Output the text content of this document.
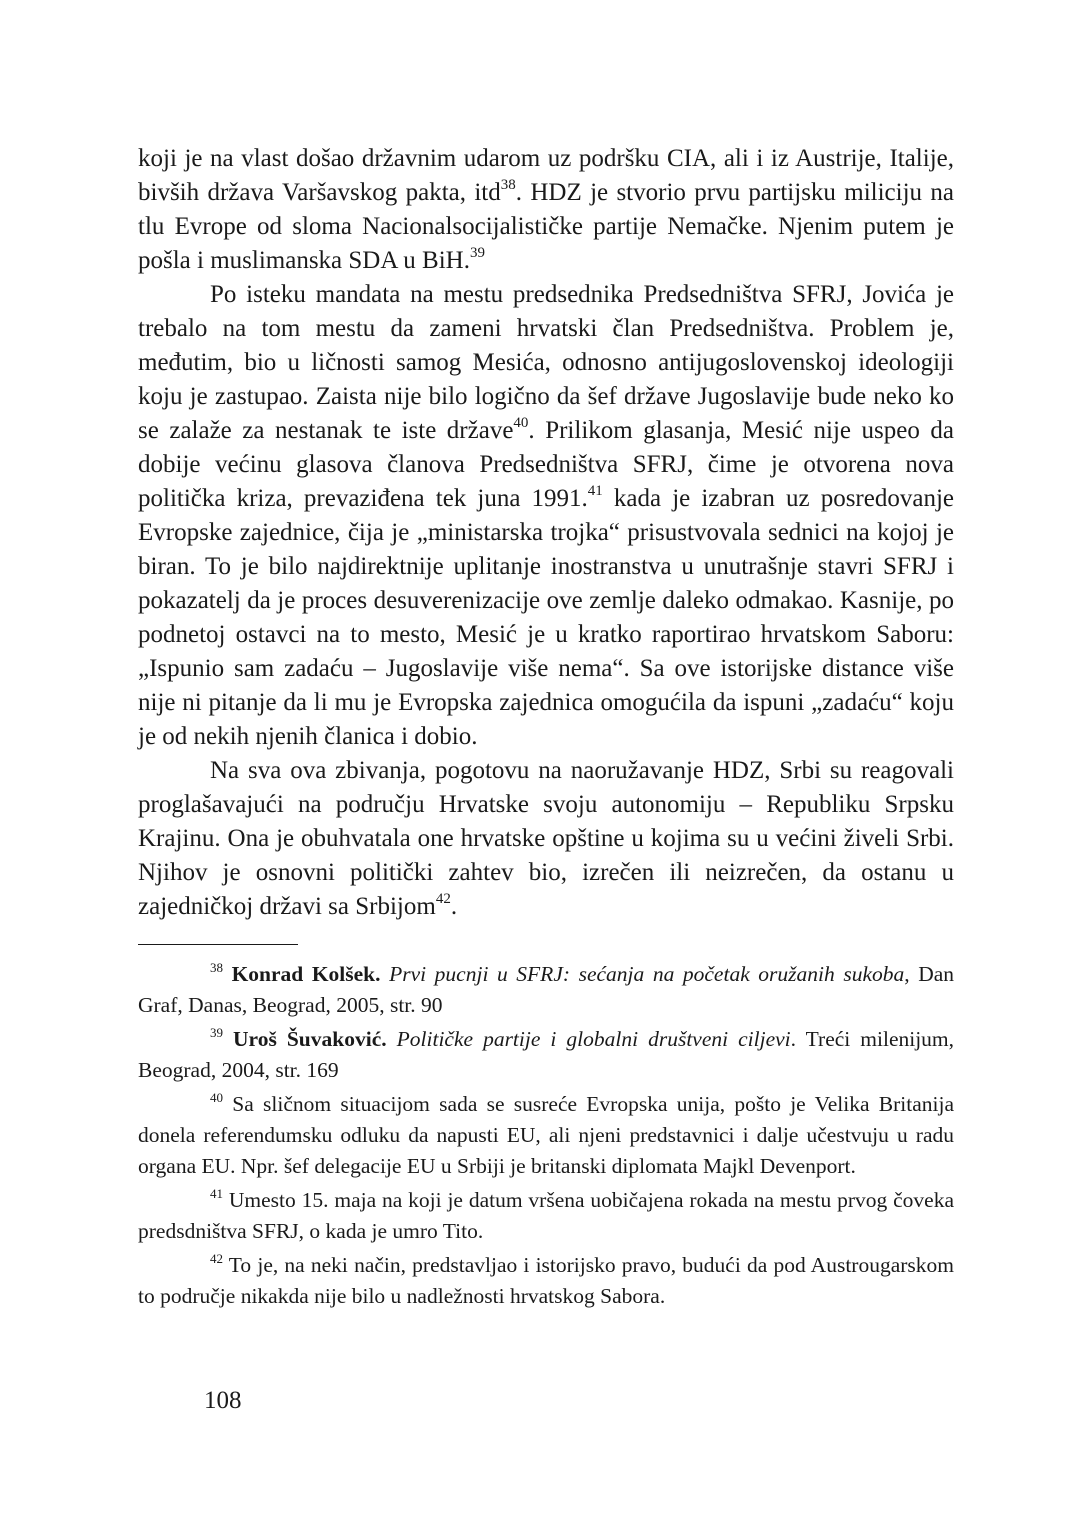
koji je na vlast došao državnim udarom uz podršku CIA, ali i iz Austrije, Italije, bivših država Varšavskog pakta, itd$^{38}$. HDZ je stvorio prvu partijsku miliciju na tlu Evrope od sloma Nacionalsocijalističke partije Nemačke. Njenim putem je pošla i muslimanska SDA u BiH.$^{39}$

Po isteku mandata na mestu predsednika Predsedništva SFRJ, Jovića je trebalo na tom mestu da zameni hrvatski član Predsedništva. Problem je, međutim, bio u ličnosti samog Mesića, odnosno antijugoslovenskoj ideologiji koju je zastupao. Zaista nije bilo logično da šef države Jugoslavije bude neko ko se zalaže za nestanak te iste države$^{40}$. Prilikom glasanja, Mesić nije uspeo da dobije većinu glasova članova Predsedništva SFRJ, čime je otvorena nova politička kriza, prevaziđena tek juna 1991.41 kada je izabran uz posredovanje Evropske zajednice, čija je „ministarska trojka“ prisustvovala sednici na kojoj je biran. To je bilo najdirektnije uplitanje inostranstva u unutrašnje stavri SFRJ i pokazatelj da je proces desuverenizacije ove zemlje daleko odmakao. Kasnije, po podnetoj ostavci na to mesto, Mesić je u kratko raportirao hrvatskom Saboru: „Ispunio sam zadaću – Jugoslavije više nema“. Sa ove istorijske distance više nije ni pitanje da li mu je Evropska zajednica omogućila da ispuni „zadaću“ koju je od nekih njenih članica i dobio.

Na sva ova zbivanja, pogotovu na naoružavanje HDZ, Srbi su reagovali proglašavajući na području Hrvatske svoju autonomiju – Republiku Srpsku Krajinu. Ona je obuhvatala one hrvatske opštine u kojima su u većini živeli Srbi. Njihov je osnovni politički zahtev bio, izrečen ili neizrečen, da ostanu u zajedničkoj državi sa Srbijom$^{42}$.

$^{38}$ Konrad Kolšek. Prvi pucnji u SFRJ: sećanja na početak oružanih sukoba, Dan Graf, Danas, Beograd, 2005, str. 90

$^{39}$ Uroš Šuvaković. Političke partije i globalni društveni ciljevi. Treći milenijum, Beograd, 2004, str. 169

$^{40}$ Sa sličnom situacijom sada se susreće Evropska unija, pošto je Velika Britanija donela referendumsku odluku da napusti EU, ali njeni predstavnici i dalje učestvuju u radu organa EU. Npr. šef delegacije EU u Srbiji je britanski diplomata Majkl Devenport.

$^{41}$ Umesto 15. maja na koji je datum vršena uobičajena rokada na mestu prvog čoveka predsdništva SFRJ, o kada je umro Tito.

$^{42}$ To je, na neki način, predstavljao i istorijsko pravo, budući da pod Austrougarskom to područje nikakda nije bilo u nadležnosti hrvatskog Sabora.

108
